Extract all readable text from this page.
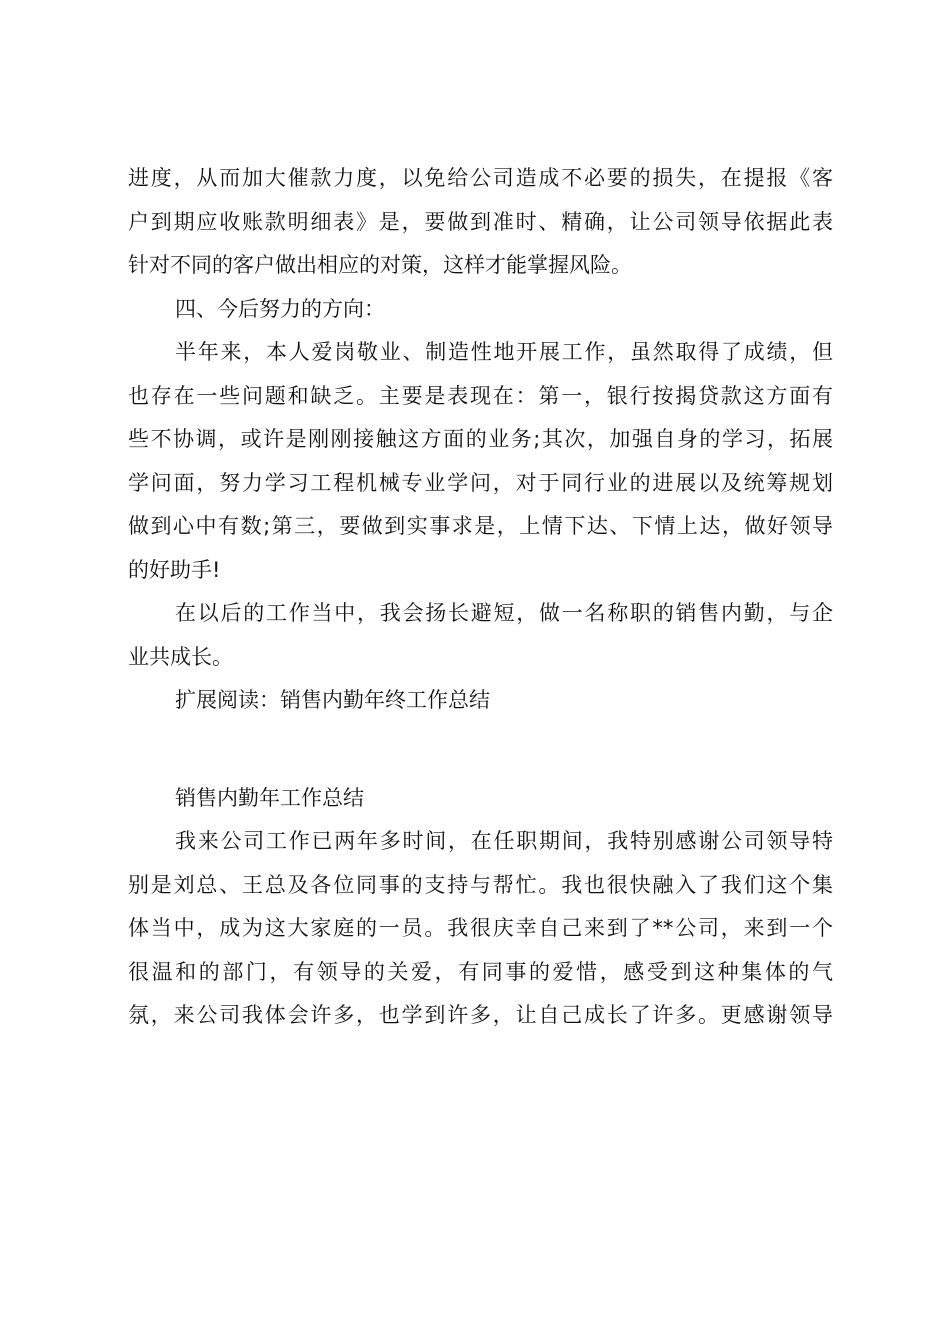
进度，从而加大催款力度，以免给公司造成不必要的损失，在提报《客
户到期应收账款明细表》是，要做到准时、精确，让公司领导依据此表
针对不同的客户做出相应的对策，这样才能掌握风险。
四、今后努力的方向：
半年来，本人爱岗敬业、制造性地开展工作，虽然取得了成绩，但
也存在一些问题和缺乏。主要是表现在：第一，银行按揭贷款这方面有
些不协调，或许是刚刚接触这方面的业务;其次，加强自身的学习，拓展
学问面，努力学习工程机械专业学问，对于同行业的进展以及统筹规划
做到心中有数;第三，要做到实事求是，上情下达、下情上达，做好领导
的好助手!
在以后的工作当中，我会扬长避短，做一名称职的销售内勤，与企
业共成长。
扩展阅读：销售内勤年终工作总结
销售内勤年工作总结
我来公司工作已两年多时间，在任职期间，我特别感谢公司领导特
别是刘总、王总及各位同事的支持与帮忙。我也很快融入了我们这个集
体当中，成为这大家庭的一员。我很庆幸自己来到了**公司，来到一个
很温和的部门，有领导的关爱，有同事的爱惜，感受到这种集体的气
氛，来公司我体会许多，也学到许多，让自己成长了许多。更感谢领导
